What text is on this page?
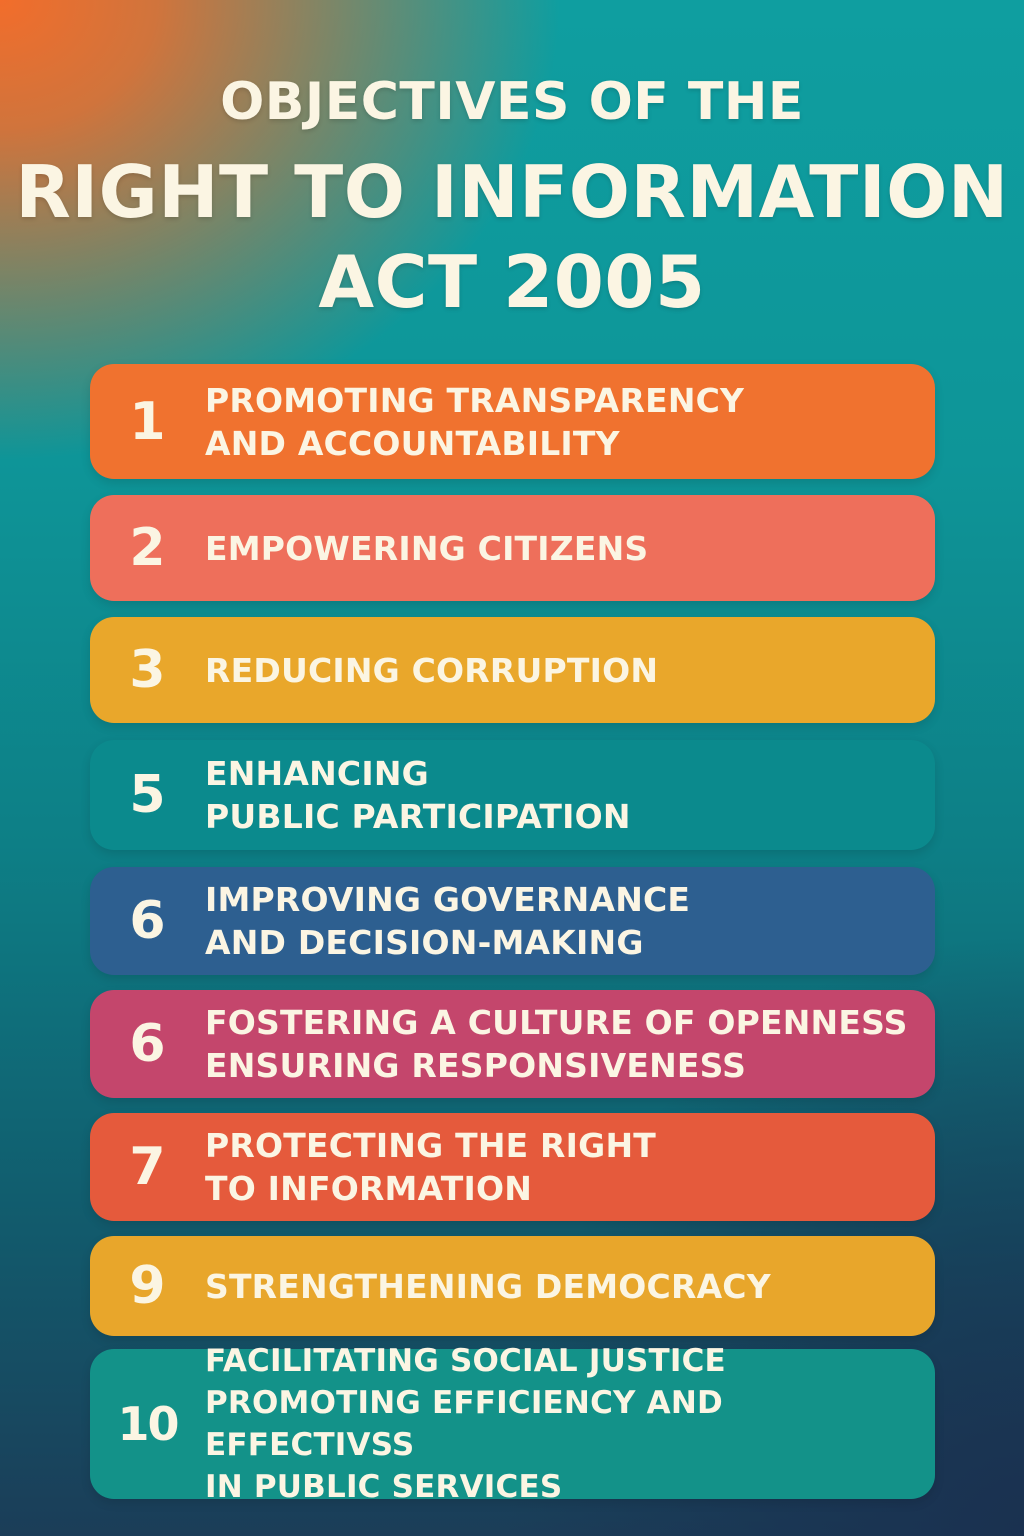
OBJECTIVES OF THE
RIGHT TO INFORMATION
ACT 2005
1	PROMOTING TRANSPARENCY
AND ACCOUNTABILITY
2	EMPOWERING CITIZENS
3	REDUCING CORRUPTION
5	ENHANCING
PUBLIC PARTICIPATION
6	IMPROVING GOVERNANCE
AND DECISION-MAKING
6	FOSTERING A CULTURE OF OPENNESS
ENSURING RESPONSIVENESS
7	PROTECTING THE RIGHT
TO INFORMATION
9	STRENGTHENING DEMOCRACY
10
FACILITATING SOCIAL JUSTICE
PROMOTING EFFICIENCY AND EFFECTIVSS
IN PUBLIC SERVICES
